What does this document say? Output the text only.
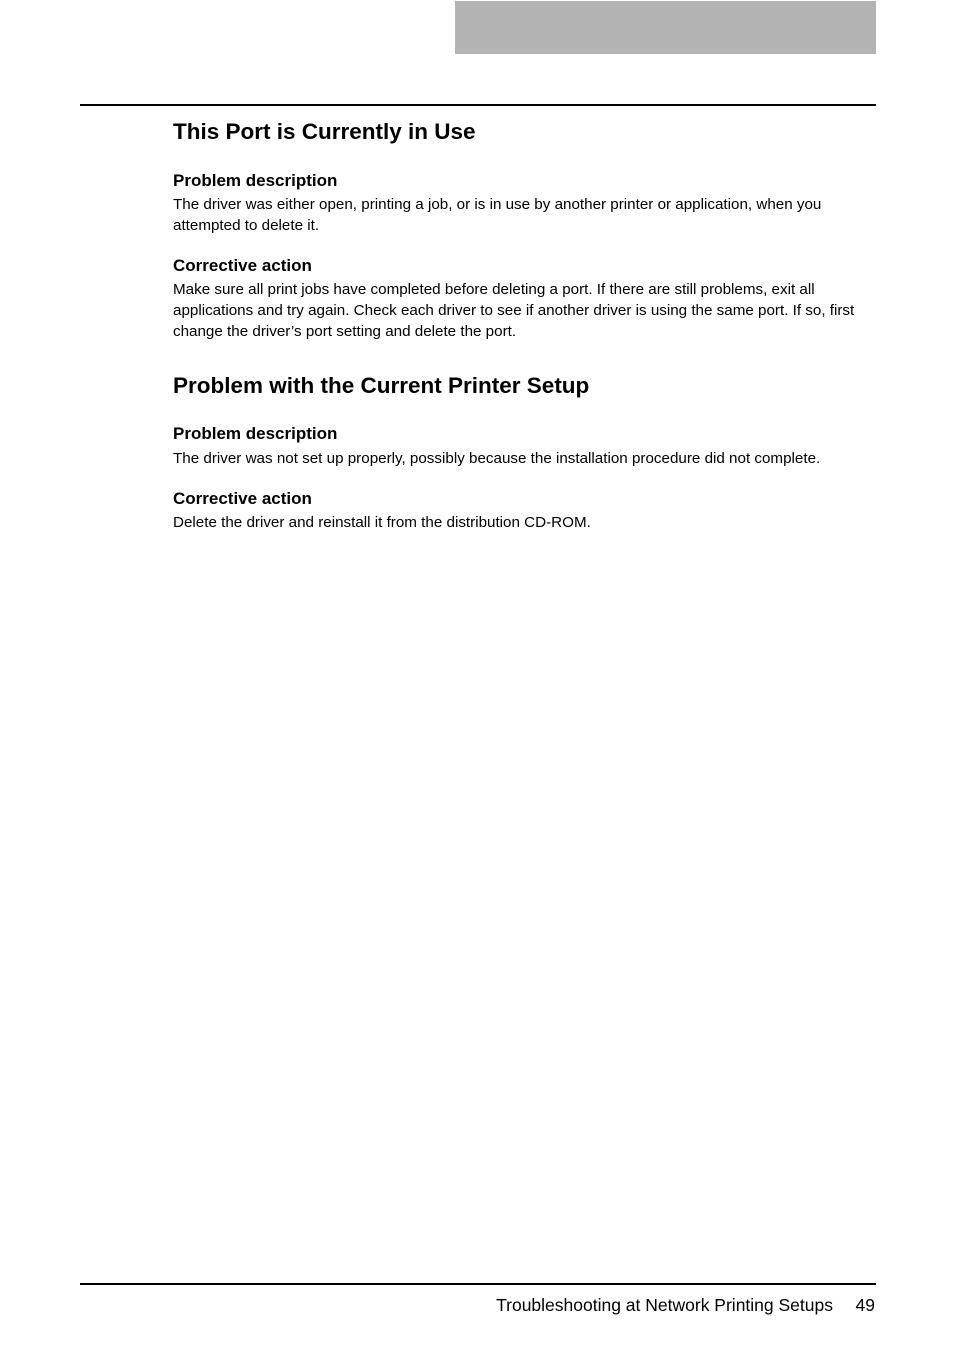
This Port is Currently in Use
Problem description

The driver was either open, printing a job, or is in use by another printer or application, when you attempted to delete it.

Corrective action

Make sure all print jobs have completed before deleting a port. If there are still problems, exit all applications and try again. Check each driver to see if another driver is using the same port. If so, first change the driver’s port setting and delete the port.

Problem with the Current Printer Setup
Problem description

The driver was not set up properly, possibly because the installation procedure did not complete.

Corrective action

Delete the driver and reinstall it from the distribution CD-ROM.

Troubleshooting at Network Printing Setups 49
